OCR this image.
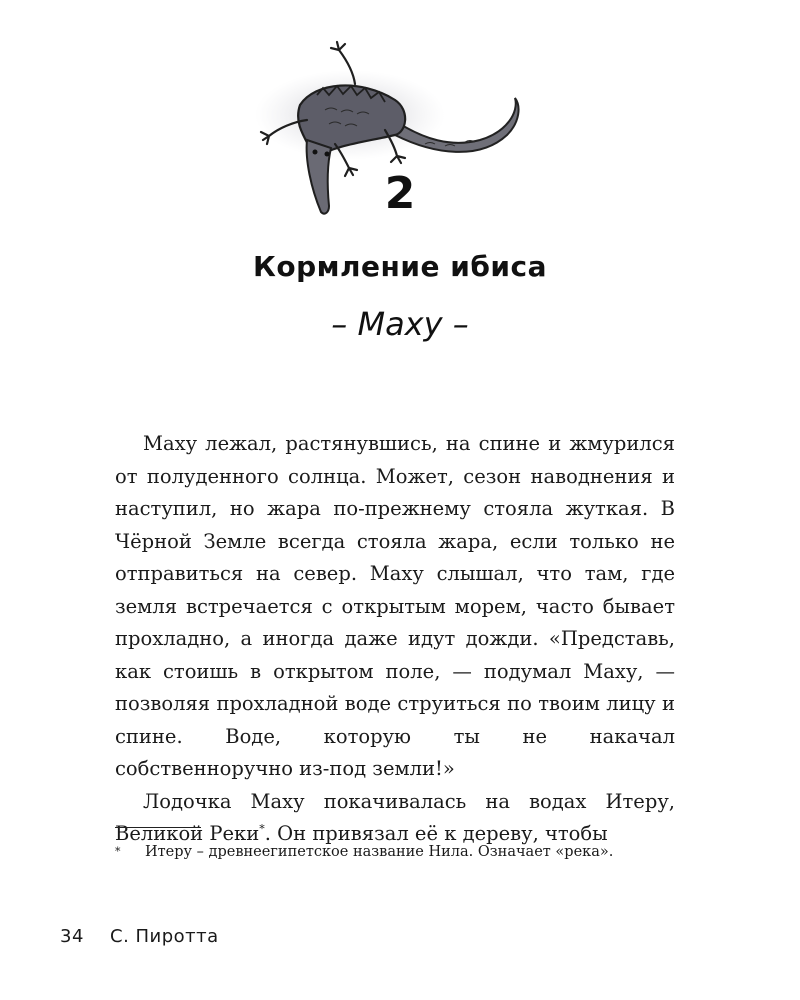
2
Кормление ибиса
– Маху –

Маху лежал, растянувшись, на спине и жмурился от полуденного солнца. Может, сезон наводнения и наступил, но жара по-прежнему стояла жуткая. В Чёрной Земле всегда стояла жара, если только не отправиться на север. Маху слышал, что там, где земля встречается с открытым морем, часто бывает прохладно, а иногда даже идут дожди. «Представь, как стоишь в открытом поле, — подумал Маху, — позволяя прохладной воде струиться по твоим лицу и спине. Воде, которую ты не накачал собственноручно из-под земли!»

Лодочка Маху покачивалась на водах Итеру, Великой Реки*. Он привязал её к дереву, чтобы

* Итеру – древнеегипетское название Нила. Означает «река».
34 С. Пиротта
